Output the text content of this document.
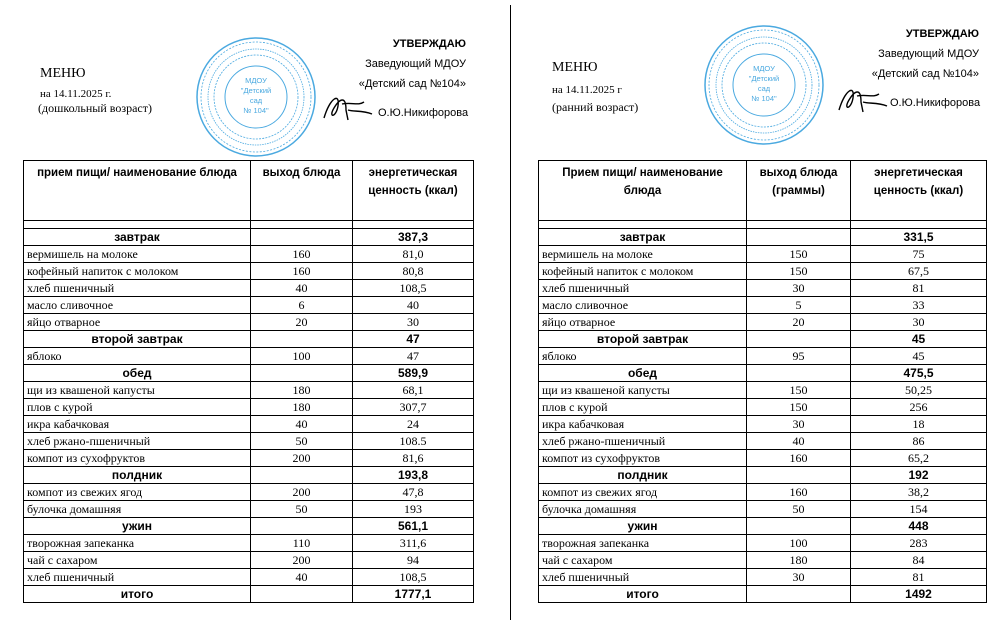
МЕНЮ
на 14.11.2025 г.
(дошкольный возраст)
МДОУ
"Детский
сад
№ 104"
УТВЕРЖДАЮ
Заведующий МДОУ
«Детский сад №104»
О.Ю.Никифорова
прием пищи/ наименование блюда	выход блюда	энергетическая ценность (ккал)

завтрак		387,3
вермишель на молоке	160	81,0
кофейный напиток с молоком	160	80,8
хлеб пшеничный	40	108,5
масло сливочное	6	40
яйцо отварное	20	30
второй завтрак		47
яблоко	100	47
обед		589,9
щи из квашеной капусты	180	68,1
плов с курой	180	307,7
икра кабачковая	40	24
хлеб ржано-пшеничный	50	108.5
компот из сухофруктов	200	81,6
полдник		193,8
компот из свежих ягод	200	47,8
булочка домашняя	50	193
ужин		561,1
творожная запеканка	110	311,6
чай с сахаром	200	94
хлеб пшеничный	40	108,5
итого		1777,1
МЕНЮ
на 14.11.2025 г
(ранний возраст)
МДОУ
"Детский
сад
№ 104"
УТВЕРЖДАЮ
Заведующий МДОУ
«Детский сад №104»
О.Ю.Никифорова
Прием пищи/ наименование блюда	выход блюда (граммы)	энергетическая ценность (ккал)

завтрак		331,5
вермишель на молоке	150	75
кофейный напиток с молоком	150	67,5
хлеб пшеничный	30	81
масло сливочное	5	33
яйцо отварное	20	30
второй завтрак		45
яблоко	95	45
обед		475,5
щи из квашеной капусты	150	50,25
плов с курой	150	256
икра кабачковая	30	18
хлеб ржано-пшеничный	40	86
компот из сухофруктов	160	65,2
полдник		192
компот из свежих ягод	160	38,2
булочка домашняя	50	154
ужин		448
творожная запеканка	100	283
чай с сахаром	180	84
хлеб пшеничный	30	81
итого		1492
